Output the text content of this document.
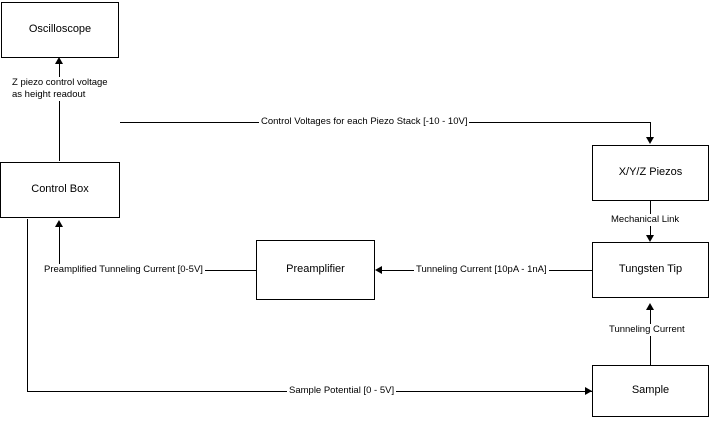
Oscilloscope
Control Box
X/Y/Z Piezos
Preamplifier	Tungsten Tip
Sample
Z piezo control voltage
as height readout
Control Voltages for each Piezo Stack [-10 - 10V]
Mechanical Link
Preamplified Tunneling Current [0-5V]	Tunneling Current [10pA - 1nA]
Tunneling Current
Sample Potential [0 - 5V]
